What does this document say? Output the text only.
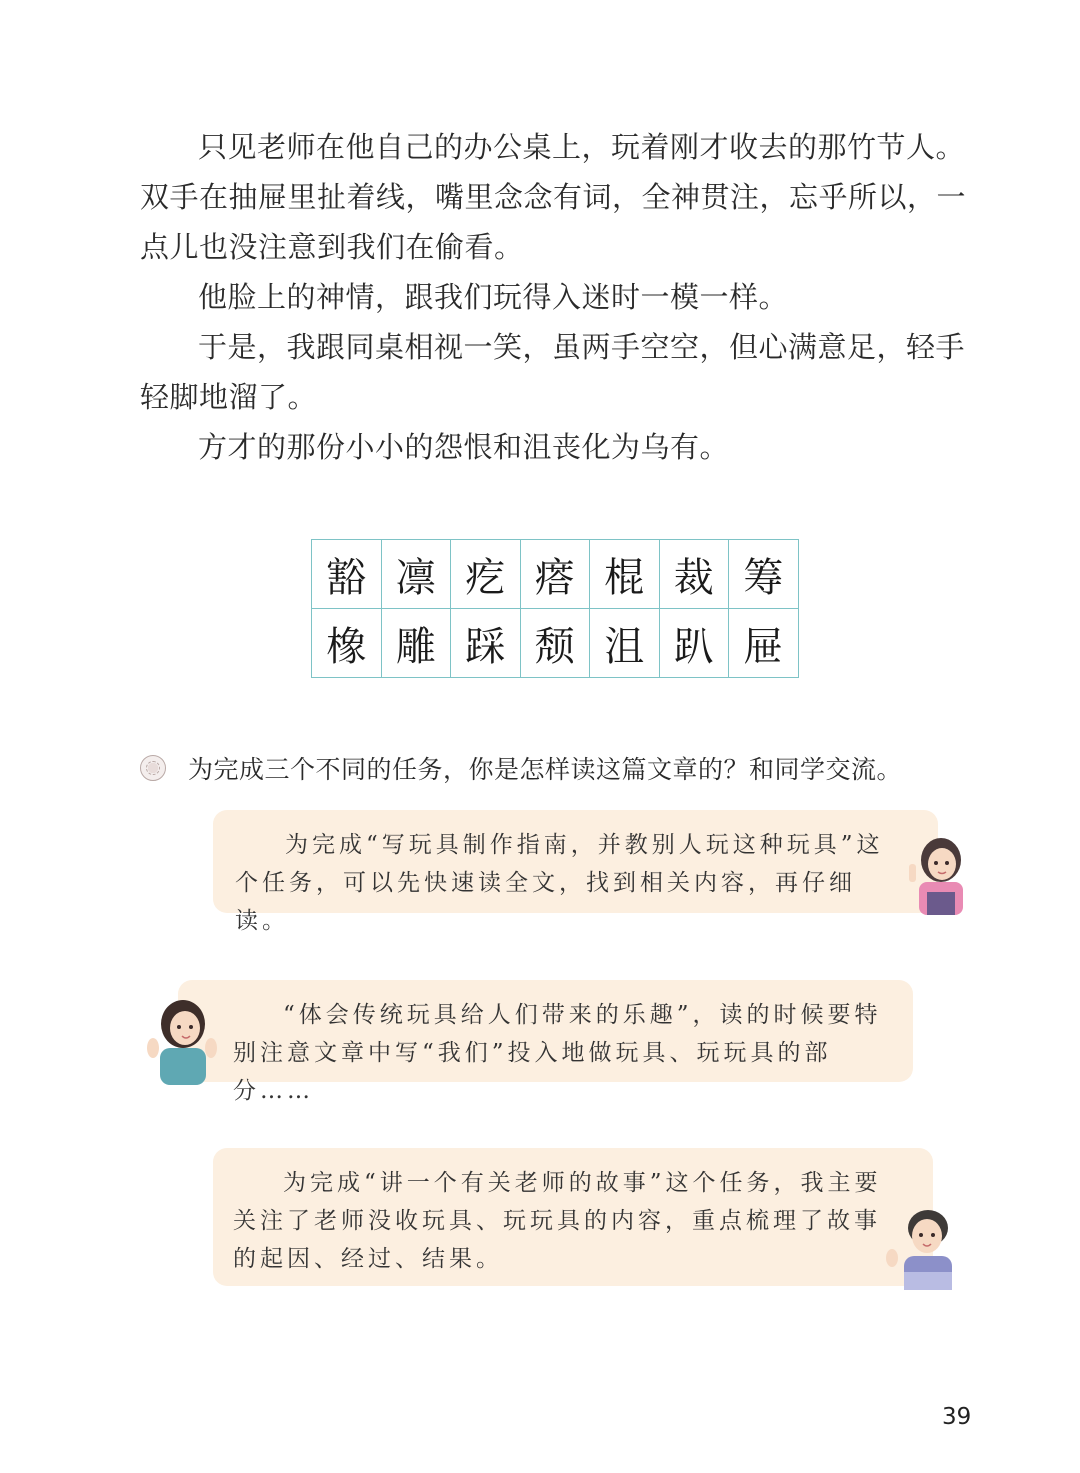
只见老师在他自己的办公桌上，玩着刚才收去的那竹节人。双手在抽屉里扯着线，嘴里念念有词，全神贯注，忘乎所以，一点儿也没注意到我们在偷看。
他脸上的神情，跟我们玩得入迷时一模一样。
于是，我跟同桌相视一笑，虽两手空空，但心满意足，轻手轻脚地溜了。
方才的那份小小的怨恨和沮丧化为乌有。
豁	凛	疙	瘩	棍	裁	筹
橡	雕	踩	颓	沮	趴	屉
为完成三个不同的任务，你是怎样读这篇文章的？和同学交流。
为完成“写玩具制作指南，并教别人玩这种玩具”这个任务，可以先快速读全文，找到相关内容，再仔细读。
“体会传统玩具给人们带来的乐趣”，读的时候要特别注意文章中写“我们”投入地做玩具、玩玩具的部分……
为完成“讲一个有关老师的故事”这个任务，我主要关注了老师没收玩具、玩玩具的内容，重点梳理了故事的起因、经过、结果。
39
